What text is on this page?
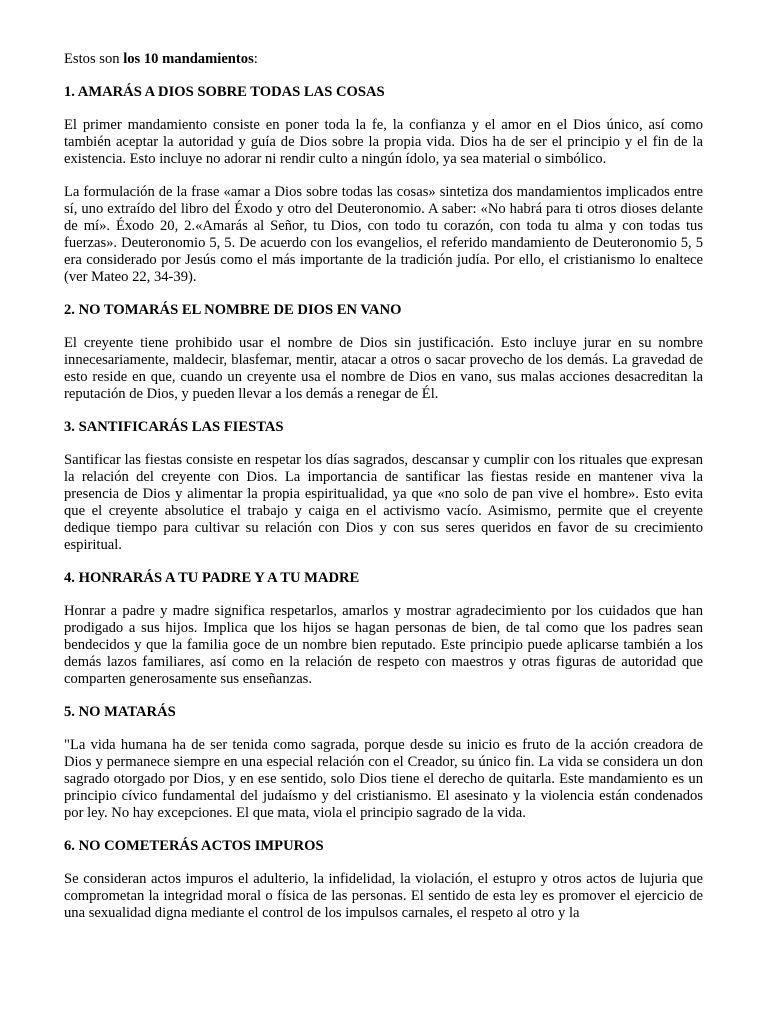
Estos son los 10 mandamientos:
1. AMARÁS A DIOS SOBRE TODAS LAS COSAS

El primer mandamiento consiste en poner toda la fe, la confianza y el amor en el Dios único, así como también aceptar la autoridad y guía de Dios sobre la propia vida. Dios ha de ser el principio y el fin de la existencia. Esto incluye no adorar ni rendir culto a ningún ídolo, ya sea material o simbólico.

La formulación de la frase «amar a Dios sobre todas las cosas» sintetiza dos mandamientos implicados entre sí, uno extraído del libro del Éxodo y otro del Deuteronomio. A saber: «No habrá para ti otros dioses delante de mí». Éxodo 20, 2.«Amarás al Señor, tu Dios, con todo tu corazón, con toda tu alma y con todas tus fuerzas». Deuteronomio 5, 5. De acuerdo con los evangelios, el referido mandamiento de Deuteronomio 5, 5 era considerado por Jesús como el más importante de la tradición judía. Por ello, el cristianismo lo enaltece (ver Mateo 22, 34-39).

2. NO TOMARÁS EL NOMBRE DE DIOS EN VANO

El creyente tiene prohibido usar el nombre de Dios sin justificación. Esto incluye jurar en su nombre innecesariamente, maldecir, blasfemar, mentir, atacar a otros o sacar provecho de los demás. La gravedad de esto reside en que, cuando un creyente usa el nombre de Dios en vano, sus malas acciones desacreditan la reputación de Dios, y pueden llevar a los demás a renegar de Él.

3. SANTIFICARÁS LAS FIESTAS

Santificar las fiestas consiste en respetar los días sagrados, descansar y cumplir con los rituales que expresan la relación del creyente con Dios. La importancia de santificar las fiestas reside en mantener viva la presencia de Dios y alimentar la propia espiritualidad, ya que «no solo de pan vive el hombre». Esto evita que el creyente absolutice el trabajo y caiga en el activismo vacío. Asimismo, permite que el creyente dedique tiempo para cultivar su relación con Dios y con sus seres queridos en favor de su crecimiento espiritual.

4. HONRARÁS A TU PADRE Y A TU MADRE

Honrar a padre y madre significa respetarlos, amarlos y mostrar agradecimiento por los cuidados que han prodigado a sus hijos. Implica que los hijos se hagan personas de bien, de tal como que los padres sean bendecidos y que la familia goce de un nombre bien reputado. Este principio puede aplicarse también a los demás lazos familiares, así como en la relación de respeto con maestros y otras figuras de autoridad que comparten generosamente sus enseñanzas.

5. NO MATARÁS

"La vida humana ha de ser tenida como sagrada, porque desde su inicio es fruto de la acción creadora de Dios y permanece siempre en una especial relación con el Creador, su único fin. La vida se considera un don sagrado otorgado por Dios, y en ese sentido, solo Dios tiene el derecho de quitarla. Este mandamiento es un principio cívico fundamental del judaísmo y del cristianismo. El asesinato y la violencia están condenados por ley. No hay excepciones. El que mata, viola el principio sagrado de la vida.

6. NO COMETERÁS ACTOS IMPUROS

Se consideran actos impuros el adulterio, la infidelidad, la violación, el estupro y otros actos de lujuria que comprometan la integridad moral o física de las personas. El sentido de esta ley es promover el ejercicio de una sexualidad digna mediante el control de los impulsos carnales, el respeto al otro y la
